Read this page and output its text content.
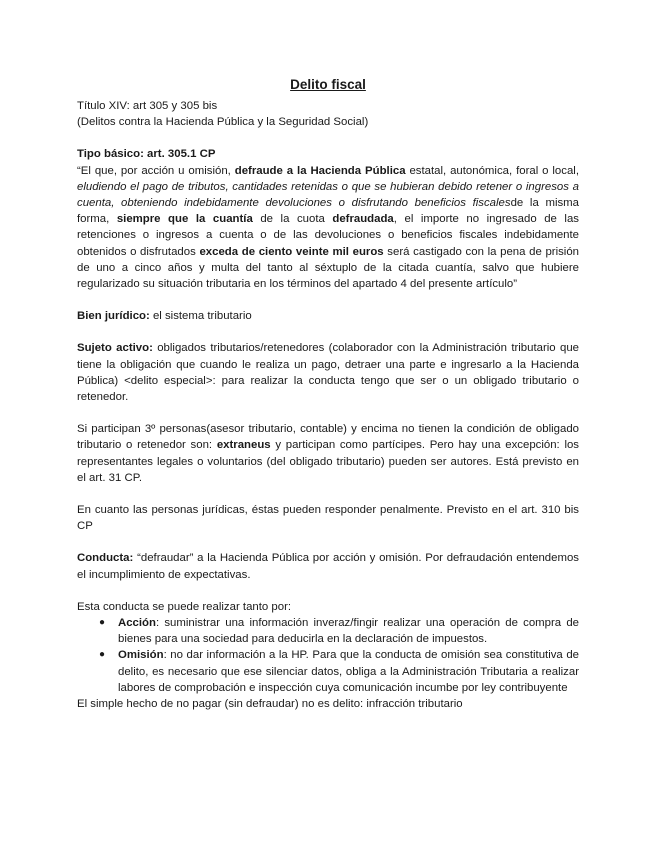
Delito fiscal

Título XIV: art 305 y 305 bis

(Delitos contra la Hacienda Pública y la Seguridad Social)

Tipo básico: art. 305.1 CP

“El que, por acción u omisión, defraude a la Hacienda Pública estatal, autonómica, foral o local, eludiendo el pago de tributos, cantidades retenidas o que se hubieran debido retener o ingresos a cuenta, obteniendo indebidamente devoluciones o disfrutando beneficios fiscalesde la misma forma, siempre que la cuantía de la cuota defraudada, el importe no ingresado de las retenciones o ingresos a cuenta o de las devoluciones o beneficios fiscales indebidamente obtenidos o disfrutados exceda de ciento veinte mil euros será castigado con la pena de prisión de uno a cinco años y multa del tanto al séxtuplo de la citada cuantía, salvo que hubiere regularizado su situación tributaria en los términos del apartado 4 del presente artículo”

Bien jurídico: el sistema tributario

Sujeto activo: obligados tributarios/retenedores (colaborador con la Administración tributario que tiene la obligación que cuando le realiza un pago, detraer una parte e ingresarlo a la Hacienda Pública) <delito especial>: para realizar la conducta tengo que ser o un obligado tributario o retenedor.

Si participan 3º personas(asesor tributario, contable) y encima no tienen la condición de obligado tributario o retenedor son: extraneus y participan como partícipes. Pero hay una excepción: los representantes legales o voluntarios (del obligado tributario) pueden ser autores. Está previsto en el art. 31 CP.

En cuanto las personas jurídicas, éstas pueden responder penalmente. Previsto en el art. 310 bis CP

Conducta: “defraudar” a la Hacienda Pública por acción y omisión. Por defraudación entendemos el incumplimiento de expectativas.

Esta conducta se puede realizar tanto por:

● Acción: suministrar una información inveraz/fingir realizar una operación de compra de bienes para una sociedad para deducirla en la declaración de impuestos.
● Omisión: no dar información a la HP. Para que la conducta de omisión sea constitutiva de delito, es necesario que ese silenciar datos, obliga a la Administración Tributaria a realizar labores de comprobación e inspección cuya comunicación incumbe por ley contribuyente

El simple hecho de no pagar (sin defraudar) no es delito: infracción tributario
